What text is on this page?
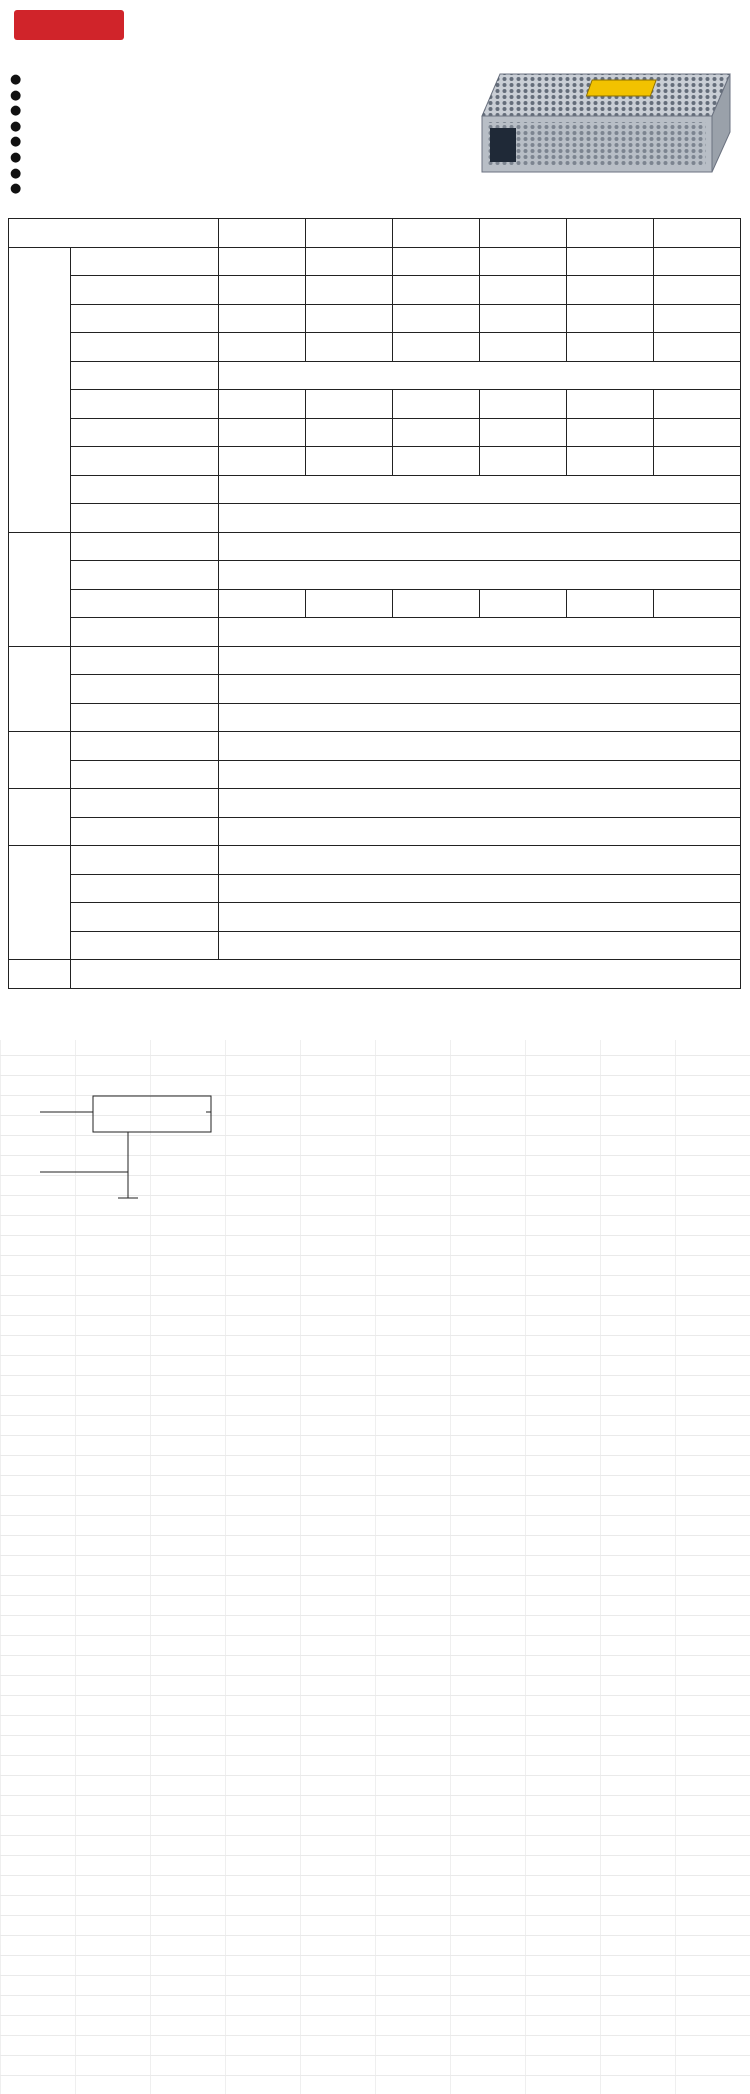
●
●
●
●
●
●
●
●
